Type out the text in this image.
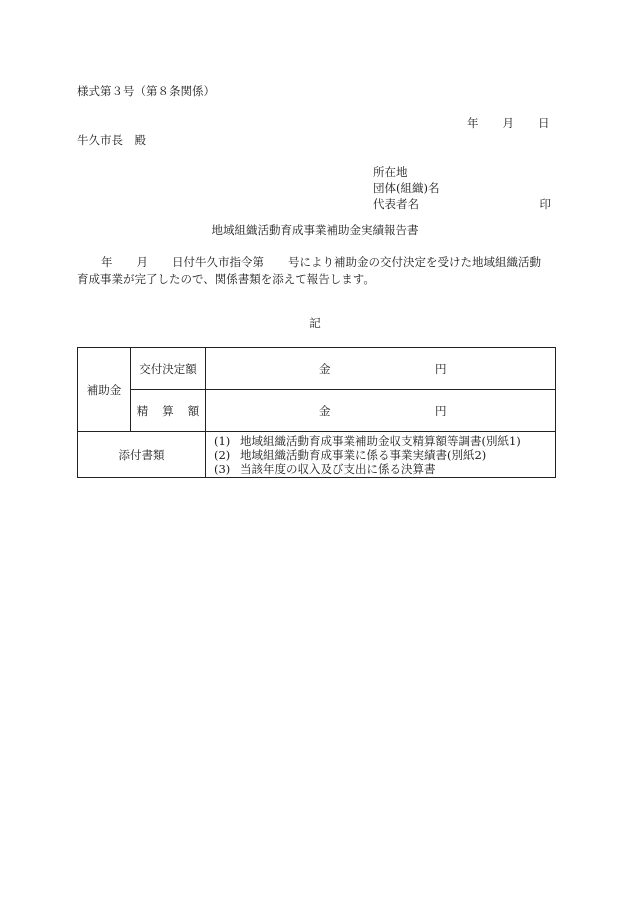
様式第３号（第８条関係）
年 月 日
牛久市長　殿
所在地
団体(組織)名
代表者名	印
地域組織活動育成事業補助金実績報告書
年 月 日付牛久市指令第 号により補助金の交付決定を受けた地域組織活動
育成事業が完了したので、関係書類を添えて報告します。
記
補助金	交付決定額	金 円

	精 算 額	金 円

添付書類		(1) 地域組織活動育成事業補助金収支精算額等調書(別紙1)
(2) 地域組織活動育成事業に係る事業実績書(別紙2)
(3) 当該年度の収入及び支出に係る決算書
